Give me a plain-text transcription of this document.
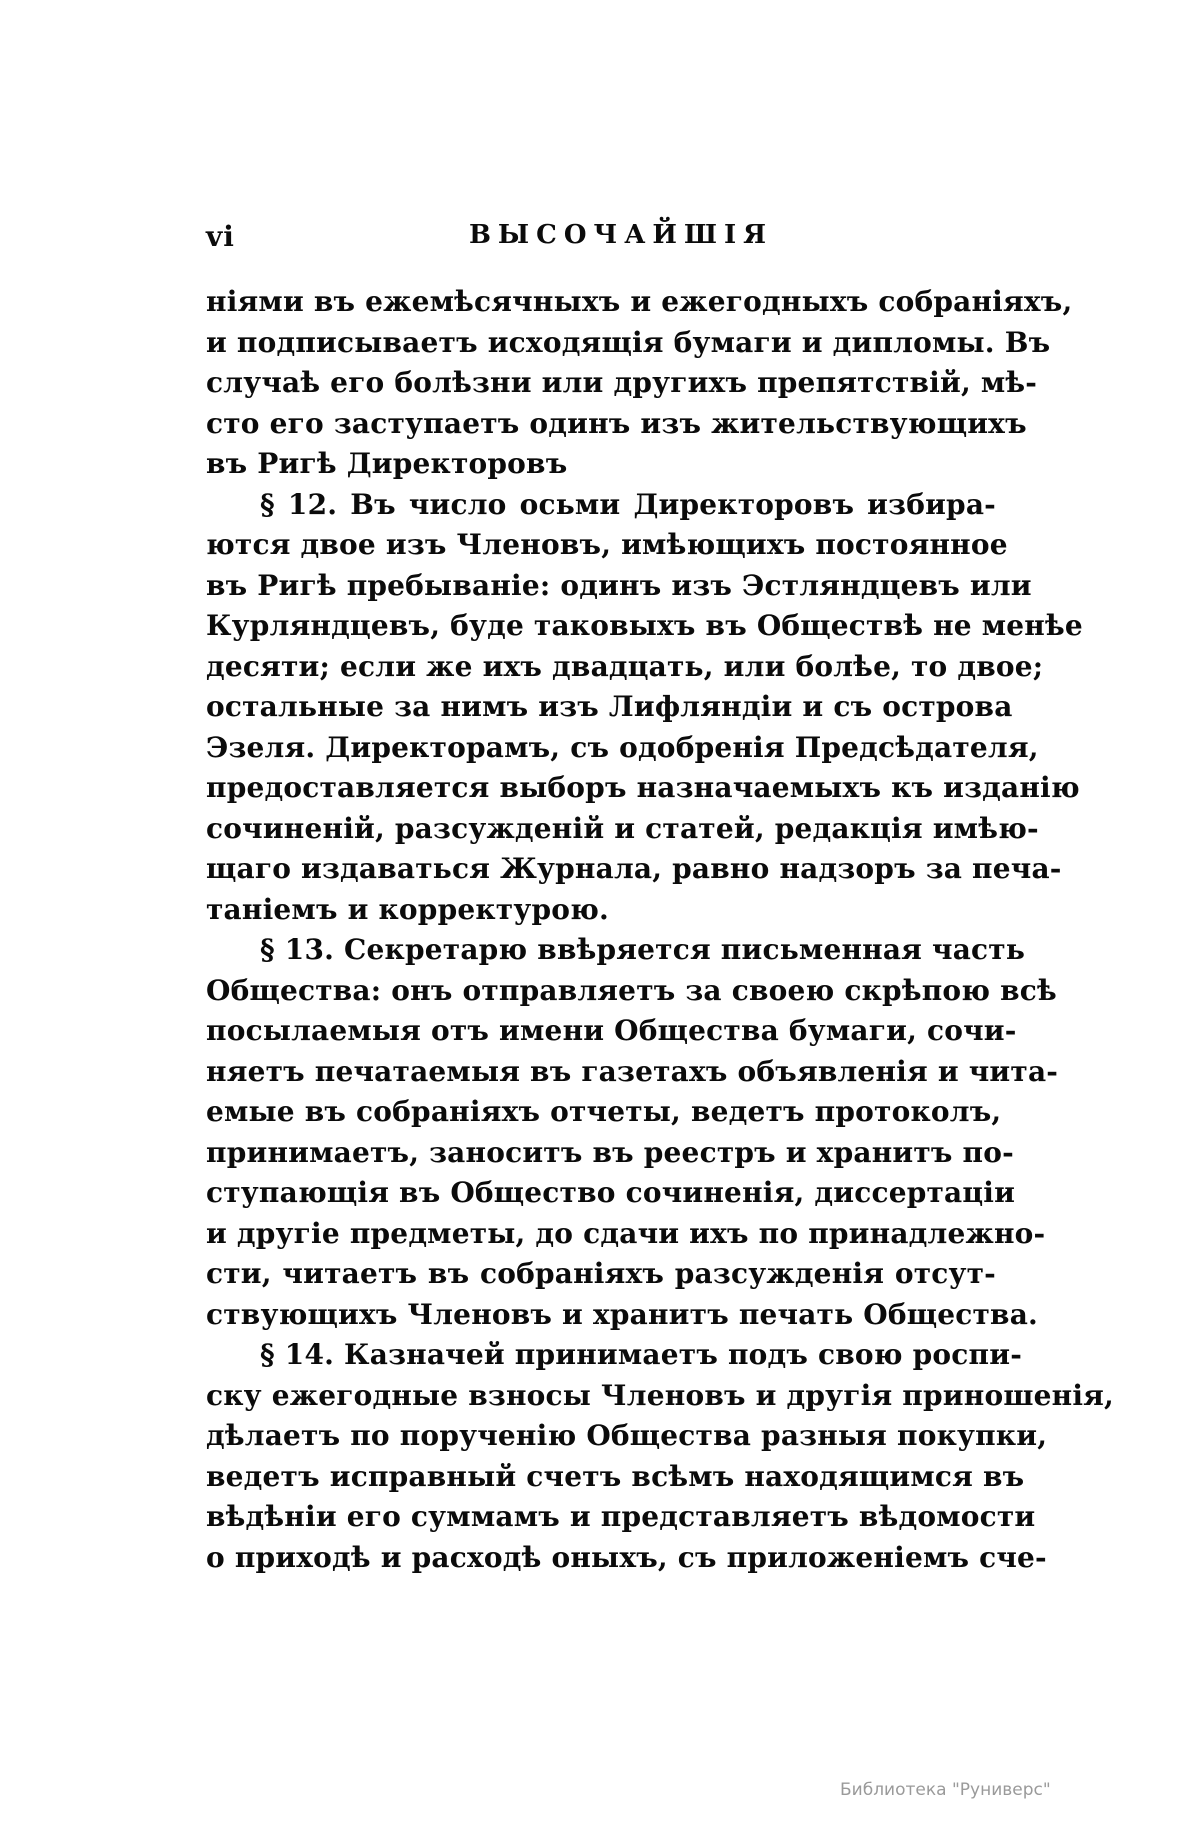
vi	ВЫСОЧАЙШІЯ
ніями въ ежемѣсячныхъ и ежегодныхъ собраніяхъ,
и подписываетъ исходящія бумаги и дипломы. Въ
случаѣ его болѣзни или другихъ препятствій, мѣ-
сто его заступаетъ одинъ изъ жительствующихъ
въ Ригѣ Директоровъ
§ 12. Въ число осьми Директоровъ избира-
ются двое изъ Членовъ, имѣющихъ постоянное
въ Ригѣ пребываніе: одинъ изъ Эстляндцевъ или
Курляндцевъ, буде таковыхъ въ Обществѣ не менѣе
десяти; если же ихъ двадцать, или болѣе, то двое;
остальные за нимъ изъ Лифляндіи и съ острова
Эзеля. Директорамъ, съ одобренія Предсѣдателя,
предоставляется выборъ назначаемыхъ къ изданію
сочиненій, разсужденій и статей, редакція имѣю-
щаго издаваться Журнала, равно надзоръ за печа-
таніемъ и корректурою.
§ 13. Секретарю ввѣряется письменная часть
Общества: онъ отправляетъ за своею скрѣпою всѣ
посылаемыя отъ имени Общества бумаги, сочи-
няетъ печатаемыя въ газетахъ объявленія и чита-
емые въ собраніяхъ отчеты, ведетъ протоколъ,
принимаетъ, заноситъ въ реестръ и хранитъ по-
ступающія въ Общество сочиненія, диссертаціи
и другіе предметы, до сдачи ихъ по принадлежно-
сти, читаетъ въ собраніяхъ разсужденія отсут-
ствующихъ Членовъ и хранитъ печать Общества.
§ 14. Казначей принимаетъ подъ свою роспи-
ску ежегодные взносы Членовъ и другія приношенія,
дѣлаетъ по порученію Общества разныя покупки,
ведетъ исправный счетъ всѣмъ находящимся въ
вѣдѣніи его суммамъ и представляетъ вѣдомости
о приходѣ и расходѣ оныхъ, съ приложеніемъ сче-
Библиотека "Руниверс"
